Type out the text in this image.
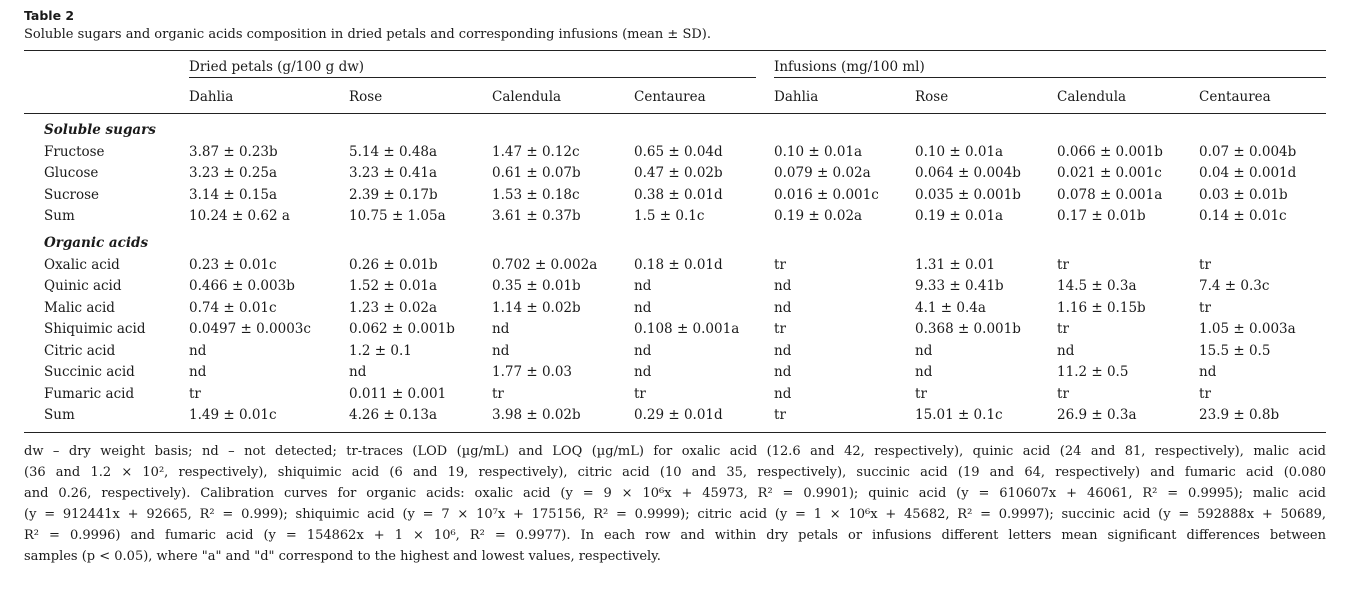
Table 2
Soluble sugars and organic acids composition in dried petals and corresponding infusions (mean ± SD).

	Dried petals (g/100 g dw)				Infusions (mg/100 ml)			

	Dahlia	Rose	Calendula	Centaurea	Dahlia	Rose	Calendula	Centaurea
Soluble sugars								
Fructose	3.87 ± 0.23b	5.14 ± 0.48a	1.47 ± 0.12c	0.65 ± 0.04d	0.10 ± 0.01a	0.10 ± 0.01a	0.066 ± 0.001b	0.07 ± 0.004b
Glucose	3.23 ± 0.25a	3.23 ± 0.41a	0.61 ± 0.07b	0.47 ± 0.02b	0.079 ± 0.02a	0.064 ± 0.004b	0.021 ± 0.001c	0.04 ± 0.001d
Sucrose	3.14 ± 0.15a	2.39 ± 0.17b	1.53 ± 0.18c	0.38 ± 0.01d	0.016 ± 0.001c	0.035 ± 0.001b	0.078 ± 0.001a	0.03 ± 0.01b
Sum	10.24 ± 0.62 a	10.75 ± 1.05a	3.61 ± 0.37b	1.5 ± 0.1c	0.19 ± 0.02a	0.19 ± 0.01a	0.17 ± 0.01b	0.14 ± 0.01c
Organic acids								
Oxalic acid	0.23 ± 0.01c	0.26 ± 0.01b	0.702 ± 0.002a	0.18 ± 0.01d	tr	1.31 ± 0.01	tr	tr
Quinic acid	0.466 ± 0.003b	1.52 ± 0.01a	0.35 ± 0.01b	nd	nd	9.33 ± 0.41b	14.5 ± 0.3a	7.4 ± 0.3c
Malic acid	0.74 ± 0.01c	1.23 ± 0.02a	1.14 ± 0.02b	nd	nd	4.1 ± 0.4a	1.16 ± 0.15b	tr
Shiquimic acid	0.0497 ± 0.0003c	0.062 ± 0.001b	nd	0.108 ± 0.001a	tr	0.368 ± 0.001b	tr	1.05 ± 0.003a
Citric acid	nd	1.2 ± 0.1	nd	nd	nd	nd	nd	15.5 ± 0.5
Succinic acid	nd	nd	1.77 ± 0.03	nd	nd	nd	11.2 ± 0.5	nd
Fumaric acid	tr	0.011 ± 0.001	tr	tr	nd	tr	tr	tr
Sum	1.49 ± 0.01c	4.26 ± 0.13a	3.98 ± 0.02b	0.29 ± 0.01d	tr	15.01 ± 0.1c	26.9 ± 0.3a	23.9 ± 0.8b
dw – dry weight basis; nd – not detected; tr-traces (LOD (µg/mL) and LOQ (µg/mL) for oxalic acid (12.6 and 42, respectively), quinic acid (24 and 81, respectively), malic acid
(36 and 1.2 × 10², respectively), shiquimic acid (6 and 19, respectively), citric acid (10 and 35, respectively), succinic acid (19 and 64, respectively) and fumaric acid (0.080
and 0.26, respectively). Calibration curves for organic acids: oxalic acid (y = 9 × 10⁶x + 45973, R² = 0.9901); quinic acid (y = 610607x + 46061, R² = 0.9995); malic acid
(y = 912441x + 92665, R² = 0.999); shiquimic acid (y = 7 × 10⁷x + 175156, R² = 0.9999); citric acid (y = 1 × 10⁶x + 45682, R² = 0.9997); succinic acid (y = 592888x + 50689,
R² = 0.9996) and fumaric acid (y = 154862x + 1 × 10⁶, R² = 0.9977). In each row and within dry petals or infusions different letters mean significant differences between
samples (p < 0.05), where "a" and "d" correspond to the highest and lowest values, respectively.
